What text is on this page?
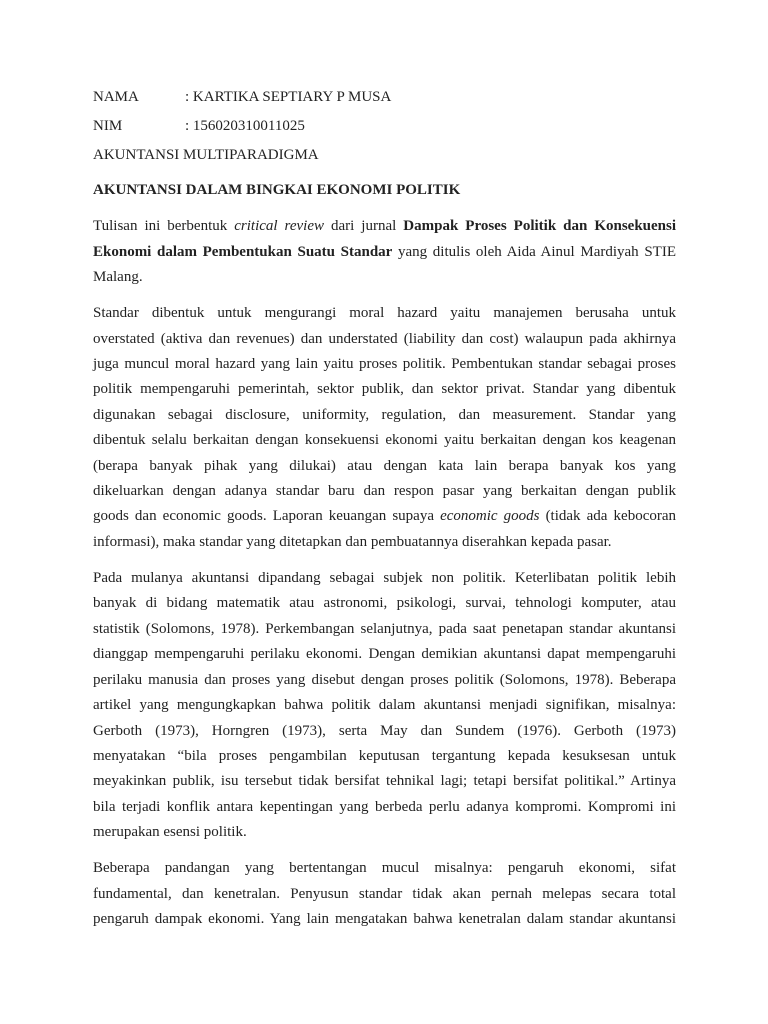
NAMA	: KARTIKA SEPTIARY P MUSA
NIM	: 156020310011025
AKUNTANSI MULTIPARADIGMA
AKUNTANSI DALAM BINGKAI EKONOMI POLITIK
Tulisan ini berbentuk critical review dari jurnal Dampak Proses Politik dan Konsekuensi
Ekonomi dalam Pembentukan Suatu Standar yang ditulis oleh Aida Ainul Mardiyah STIE
Malang.
Standar dibentuk untuk mengurangi moral hazard yaitu manajemen berusaha untuk
overstated (aktiva dan revenues) dan understated (liability dan cost) walaupun pada akhirnya
juga muncul moral hazard yang lain yaitu proses politik. Pembentukan standar sebagai proses
politik mempengaruhi pemerintah, sektor publik, dan sektor privat. Standar yang dibentuk
digunakan sebagai disclosure, uniformity, regulation, dan measurement. Standar yang
dibentuk selalu berkaitan dengan konsekuensi ekonomi yaitu berkaitan dengan kos keagenan
(berapa banyak pihak yang dilukai) atau dengan kata lain berapa banyak kos yang
dikeluarkan dengan adanya standar baru dan respon pasar yang berkaitan dengan publik
goods dan economic goods. Laporan keuangan supaya economic goods (tidak ada kebocoran
informasi), maka standar yang ditetapkan dan pembuatannya diserahkan kepada pasar.
Pada mulanya akuntansi dipandang sebagai subjek non politik. Keterlibatan politik lebih
banyak di bidang matematik atau astronomi, psikologi, survai, tehnologi komputer, atau
statistik (Solomons, 1978). Perkembangan selanjutnya, pada saat penetapan standar akuntansi
dianggap mempengaruhi perilaku ekonomi. Dengan demikian akuntansi dapat mempengaruhi
perilaku manusia dan proses yang disebut dengan proses politik (Solomons, 1978). Beberapa
artikel yang mengungkapkan bahwa politik dalam akuntansi menjadi signifikan, misalnya:
Gerboth (1973), Horngren (1973), serta May dan Sundem (1976). Gerboth (1973)
menyatakan “bila proses pengambilan keputusan tergantung kepada kesuksesan untuk
meyakinkan publik, isu tersebut tidak bersifat tehnikal lagi; tetapi bersifat politikal.” Artinya
bila terjadi konflik antara kepentingan yang berbeda perlu adanya kompromi. Kompromi ini
merupakan esensi politik.
Beberapa pandangan yang bertentangan mucul misalnya: pengaruh ekonomi, sifat
fundamental, dan kenetralan. Penyusun standar tidak akan pernah melepas secara total
pengaruh dampak ekonomi. Yang lain mengatakan bahwa kenetralan dalam standar akuntansi
